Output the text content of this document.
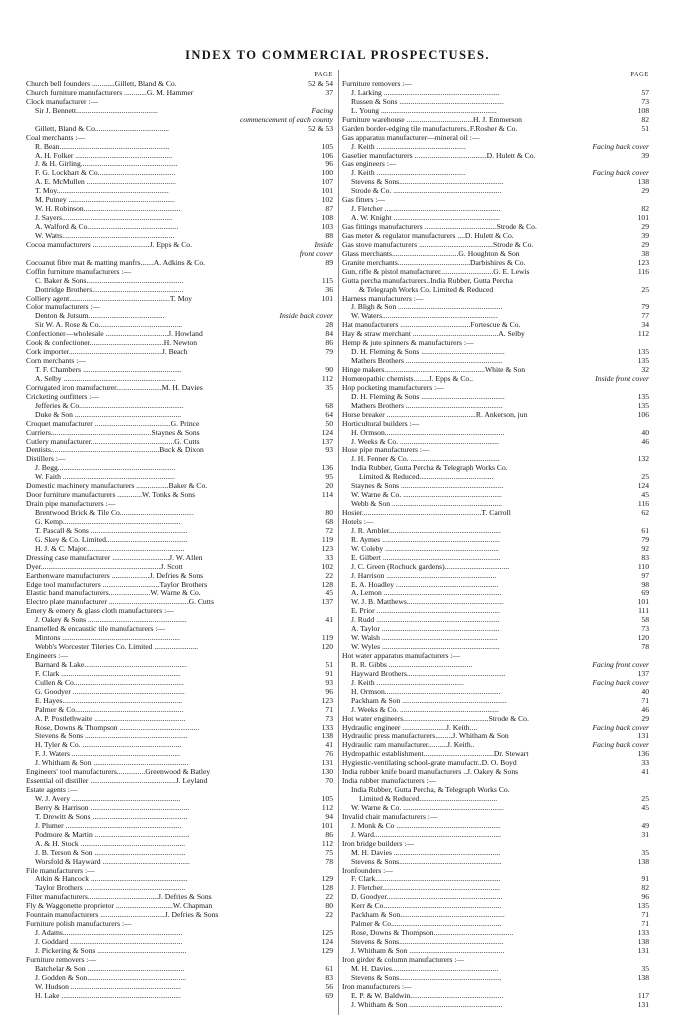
INDEX TO COMMERCIAL PROSPECTUSES.
PAGE
Church bell founders ............Gillett, Bland & Co.	52 & 54
Church furniture manufacturers ............G. M. Hammer	37
Clock manufacturer :—
Sir J. Bennett...........................................	Facing
commencement of each county
Gillett, Bland & Co.......................................	52 & 53
Coal merchants :—
R. Bean..........................................................	105
A. H. Folker ...................................................	106
J. & H. Girling...................................................	96
F. G. Lockhart & Co.........................................	100
A. E. McMullen ...............................................	107
T. Moy...........................................................	101
M. Putney ........................................................	102
W. H. Robinson...................................................	87
J. Sayers..........................................................	108
A. Walford & Co................................................	103
W. Watts...........................................................	88
Cocoa manufacturers ..............................J. Epps & Co.	Inside
front cover
Cocoanut fibre mat & matting manfrs.......A. Adkins & Co.	89
Coffin furniture manufacturers :—
C. Baker & Sons...................................................	115
Dottridge Brothers................................................	36
Colliery agent.....................................................T. Moy	101
Color manufacturers :—
Denton & Jutsum........................................	Inside back cover
Sir W. A. Rose & Co............................................	28
Confectioner—wholesale .................................J. Howland	84
Cook & confectioner.......................................H. Newton	86
Cork importer.................................................J. Beach	79
Corn merchants :—
T. F. Chambers ....................................................	90
A. Selby ...........................................................	112
Corrugated iron manufacturer........................M. H. Davies	35
Cricketing outfitters :—
Jefferies & Co.......................................................	68
Duke & Son ........................................................	64
Croquet manufacturer ........................................G. Prince	50
Curriers.....................................................Staynes & Sons	124
Cutlery manufacturer............................................G. Cutts	137
Dentists.........................................................Buck & Dixon	93
Distillers :—
J. Begg..............................................................	136
W. Faith ...........................................................	95
Domestic machinery manufacturers .................Baker & Co.	20
Door furniture manufacturers .............W. Tonks & Sons	114
Drain pipe manufacturers :—
Brentwood Brick & Tile Co.......................................	80
G. Kemp..............................................................	68
T. Pascall & Sons ...................................................	72
G. Skey & Co. Limited...........................................	119
H. J. & C. Major....................................................	123
Dressing case manufacturer ..............................J. W. Allen	33
Dyer...............................................................J. Scott	102
Earthenware manufacturers ....................J. Defries & Sons	22
Edge tool manufacturers ..............................Taylor Brothers	128
Elastic band manufacturers......................W. Warne & Co.	45
Electro plate manufacturer ..........................................G. Cutts	137
Emery & emery & glass cloth manufacturers :—
J. Oakey & Sons ....................................................	41
Enamelled & encaustic tile manufacturers :—
Mintons ..............................................................	119
Webb's Worcester Tileries Co. Limited .......................	120
Engineers :—
Barnard & Lake......................................................	51
F. Clark ...............................................................	91
Cullen & Co..........................................................	93
G. Goodyer ...........................................................	96
E. Hayes...............................................................	123
Palmer & Co.........................................................	71
A. P. Postlethwaite ................................................	73
Rose, Downs & Thompson ..........................................	133
Stevens & Sons ......................................................	138
H. Tyler & Co. ....................................................	41
F. J. Waters .........................................................	76
J. Whitham & Son ..................................................	131
Engineers' tool manufacturers...............Greenwood & Batley	130
Essential oil distiller .............................................J. Leyland	70
Estate agents :—
W. J. Avery .........................................................	105
Berry & Harrison ....................................................	112
T. Drewitt & Sons ..................................................	94
J. Plumer .............................................................	101
Podmore & Martin ..................................................	86
A. & H. Stock .......................................................	112
J. B. Terson & Son ................................................	75
Worsfold & Hayward ..............................................	78
File manufacturers :—
Atkin & Hancock ...................................................	129
Taylor Brothers .....................................................	128
Filter manufacturers.....................................J. Defries & Sons	22
Fly & Waggonette proprietor ..............................W. Chapman	80
Fountain manufacturers ..................................J. Defries & Sons	22
Furniture polish manufacturers :—
J. Adams...............................................................	125
J. Goddard ...........................................................	124
J. Pickering & Sons ...............................................	129
Furniture removers :—
Batchelar & Son ...................................................	61
J. Godden & Son....................................................	83
W. Hudson ..........................................................	56
H. Lake ...............................................................	69
PAGE
Furniture removers :—
J. Larking .............................................................	57
Russen & Sons .......................................................	73
L. Young .............................................................	108
Furniture warehouse ...................................H. J. Emmerson	82
Garden border-edging tile manufacturers..F.Rosher & Co.	51
Gas apparatus manufacturer—mineral oil :—
J. Keith ...............................................	Facing back cover
Gaselier manufacturers ......................................D. Hulett & Co.	39
Gas engineers :—
J. Keith ...............................................	Facing back cover
Stevens & Sons.......................................................	138
Strode & Co. .........................................................	29
Gas fitters :—
J. Fletcher .............................................................	82
A. W. Knight ........................................................	101
Gas fittings manufacturers ......................................Strode & Co.	29
Gas meter & regulator manufacturers ....D. Hulett & Co.	39
Gas stove manufacturers .......................................Strode & Co.	29
Glass merchants...................................G. Houghton & Son	38
Granite merchants......................................Darbishires & Co.	123
Gun, rifle & pistol manufacturer............................G. E. Lewis	116
Gutta percha manufacturers..India Rubber, Gutta Percha
& Telegraph Works Co. Limited & Reduced	25
Harness manufacturers :—
J. Bligh & Son .......................................................	79
W. Waters.............................................................	77
Hat manufacturers .....................................Fortescue & Co.	34
Hay & straw merchant .............................................A. Selby	112
Hemp & jute spinners & manufacturers :—
D. H. Fleming & Sons ............................................	135
Mathers Brothers ...................................................	135
Hinge makers.....................................................White & Son	32
Homœopathic chemists........J. Epps & Co..	Inside front cover
Hop pocketing manufacturers :—
D. H. Fleming & Sons ............................................	135
Mathers Brothers ...................................................	135
Horse breaker ...............................................R. Ankerson, jun	106
Horticultural builders :—
H. Ormson...............................................................	40
J. Weeks & Co. ....................................................	46
Hose pipe manufacturers :—
J. H. Fenner & Co. ...............................................	132
India Rubber, Gutta Percha & Telegraph Works Co.
Limited & Reduced.......................................	25
Staynes & Sons ......................................................	124
W. Warne & Co. ....................................................	45
Webb & Son ..........................................................	116
Hosier...............................................................T. Carroll	62
Hotels :—
J. R. Ambler...........................................................	61
R. Aymes ..............................................................	79
W. Coleby ............................................................	92
E. Gilbert ..............................................................	83
J. C. Green (Rochuck gardens)..................................	110
J. Harrison ..........................................................	97
E. A. Hoadley ......................................................	98
A. Lemon ..............................................................	69
W. J. B. Matthews...................................................	101
E. Prior .................................................................	111
J. Rudd .................................................................	58
A. Taylor ..............................................................	73
W. Walsh .............................................................	120
W. Wyles ..............................................................	78
Hot water apparatus manufacturers :—
R. R. Gibbs ............................................	Facing front cover
Hayward Brothers....................................................	137
J. Keith ..............................................	Facing back cover
H. Ormson.............................................................	40
Packham & Son .......................................................	71
J. Weeks & Co. ....................................................	46
Hot water engineers.............................................Strode & Co.	29
Hydraulic engineer .......................J. Keith....	Facing back cover
Hydraulic press manufacturers.........J. Whitham & Son	131
Hydraulic ram manufacturer..........J. Keith..	Facing back cover
Hydropathic establishment.....................................Dr. Stewart	136
Hygiestic-ventilating school-grate manufactr..D. O. Boyd	33
India rubber knife board manufacturers ..J. Oakey & Sons	41
India rubber manufacturers :—
India Rubber, Gutta Percha, & Telegraph Works Co.
Limited & Reduced.........................................	25
W. Warne & Co. .....................................................	45
Invalid chair manufacturers :—
J. Monk & Co .......................................................	49
J. Ward...................................................................	31
Iron bridge builders :—
M. H. Davies ........................................................	35
Stevens & Sons......................................................	138
Ironfounders :—
F. Clark..................................................................	91
J. Fletcher..............................................................	82
D. Goodyer.............................................................	96
Kerr & Co..............................................................	135
Packham & Son.......................................................	71
Palmer & Co..........................................................	71
Rose, Downs & Thompson..........................................	133
Stevens & Sons.......................................................	138
J. Whitham & Son ..................................................	131
Iron girder & column manufacturers :—
M. H. Davies........................................................	35
Stevens & Sons......................................................	138
Iron manufacturers :—
E. P. & W. Baldwin.................................................	117
J. Whitham & Son .................................................	131
